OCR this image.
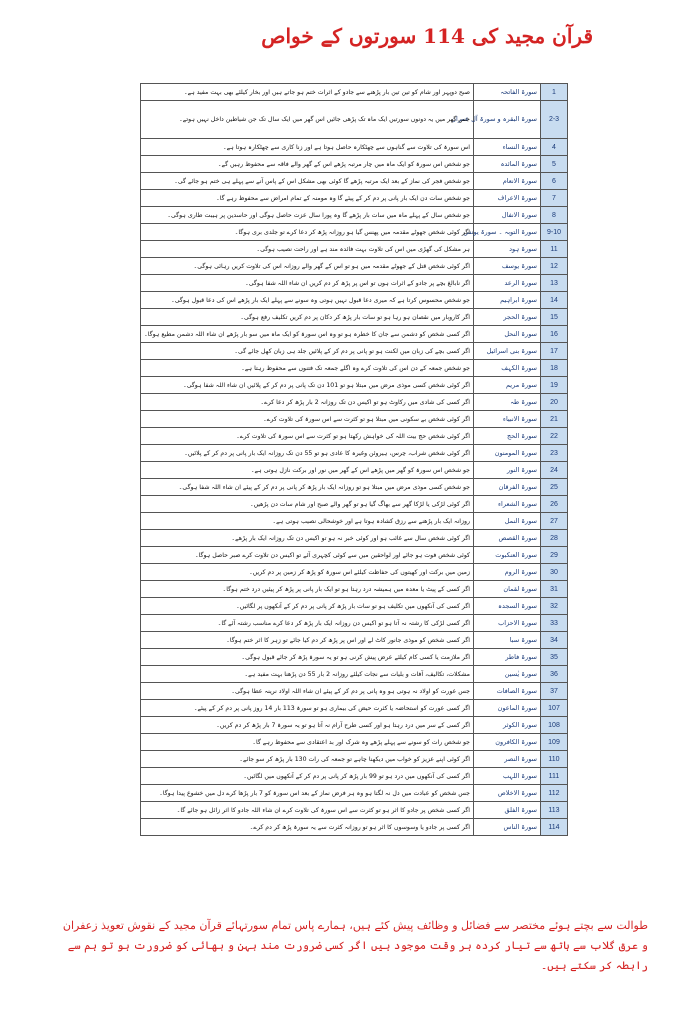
قرآن مجید کی 114 سورتوں کے خواص
1	سورۃ الفاتحہ	صبح دوپہر اور شام کو تین تین بار پڑھنے سے جادو کے اثرات ختم ہو جاتے ہیں اور بخار کیلئے بھی بہت مفید ہے۔
2-3	سورۃ البقرہ و سورۃ آل عمران	جس گھر میں یہ دونوں سورتیں ایک ماہ تک پڑھی جائیں اس گھر میں ایک سال تک جن شیاطین داخل نہیں ہوتے۔
4	سورۃ النساء	اس سورۃ کی تلاوت سے گناہوں سے چھٹکارہ حاصل ہوتا ہے اور زنا کاری سے چھٹکارہ ہوتا ہے۔
5	سورۃ المائدہ	جو شخص اس سورۃ کو ایک ماہ میں چار مرتبہ پڑھے اس کے گھر والے فاقہ سے محفوظ رہیں گے۔
6	سورۃ الانعام	جو شخص فجر کی نماز کے بعد ایک مرتبہ پڑھے گا کوئی بھی مشکل اس کے پاس آنے سے پہلے ہی ختم ہو جائے گی۔
7	سورۃ الاعراف	جو شخص سات دن ایک بار پانی پر دم کر کے پیئے گا وہ مومنہ کے تمام امراض سے محفوظ رہے گا۔
8	سورۃ الانفال	جو شخص سال کے پہلے ماہ میں سات بار پڑھے گا وہ پورا سال عزت حاصل ہوگی اور حاسدین پر ہیبت طاری ہوگی۔
9-10	سورۃ التوبہ ۔ سورۃ یونس	اگر کوئی شخص جھوٹے مقدمہ میں پھنس گیا ہو روزانہ پڑھ کر دعا کرے تو جلدی بری ہوگا۔
11	سورۃ ہود	ہر مشکل کی گھڑی میں اس کی تلاوت بہت فائدہ مند ہے اور راحت نصیب ہوگی۔
12	سورۃ یوسف	اگر کوئی شخص قتل کے جھوٹے مقدمہ میں ہو تو اس کے گھر والے روزانہ اس کی تلاوت کریں رہائی ہوگی۔
13	سورۃ الرعد	اگر نابالغ بچے پر جادو کے اثرات ہوں تو اس پر پڑھ کر دم کریں ان شاء اللہ شفا ہوگی۔
14	سورۃ ابراہیم	جو شخص محسوس کرتا ہے کہ میری دعا قبول نہیں ہوتی وہ سونے سے پہلے ایک بار پڑھے اس کی دعا قبول ہوگی۔
15	سورۃ الحجر	اگر کاروبار میں نقصان ہو رہا ہو تو سات بار پڑھ کر دکان پر دم کریں تکلیف رفع ہوگی۔
16	سورۃ النحل	اگر کسی شخص کو دشمن سے جان کا خطرہ ہو تو وہ اس سورۃ کو ایک ماہ میں سو بار پڑھے ان شاء اللہ دشمن مطیع ہوگا۔
17	سورۃ بنی اسرائیل	اگر کسی بچے کی زبان میں لکنت ہو تو پانی پر دم کر کے پلائیں جلد ہی زبان کھل جائے گی۔
18	سورۃ الکہف	جو شخص جمعہ کے دن اس کی تلاوت کرے وہ اگلے جمعہ تک فتنوں سے محفوظ رہتا ہے۔
19	سورۃ مریم	اگر کوئی شخص کسی موذی مرض میں مبتلا ہو تو 101 دن تک پانی پر دم کر کے پلائیں ان شاء اللہ شفا ہوگی۔
20	سورۃ طہ	اگر کسی کی شادی میں رکاوٹ ہو تو اکیس دن تک روزانہ 2 بار پڑھ کر دعا کرے۔
21	سورۃ الانبیاء	اگر کوئی شخص بے سکونی میں مبتلا ہو تو کثرت سے اس سورۃ کی تلاوت کرے۔
22	سورۃ الحج	اگر کوئی شخص حج بیت اللہ کی خواہش رکھتا ہو تو کثرت سے اس سورۃ کی تلاوت کرے۔
23	سورۃ المومنون	اگر کوئی شخص شراب، چرس، ہیروئن وغیرہ کا عادی ہو تو 55 دن تک روزانہ ایک بار پانی پر دم کر کے پلائیں۔
24	سورۃ النور	جو شخص اس سورۃ کو گھر میں پڑھے اس کے گھر میں نور اور برکت نازل ہوتی ہے۔
25	سورۃ الفرقان	جو شخص کسی موذی مرض میں مبتلا ہو تو روزانہ ایک بار پڑھ کر پانی پر دم کر کے پیئے ان شاء اللہ شفا ہوگی۔
26	سورۃ الشعراء	اگر کوئی لڑکی یا لڑکا گھر سے بھاگ گیا ہو تو گھر والے صبح اور شام سات دن پڑھیں۔
27	سورۃ النمل	روزانہ ایک بار پڑھنے سے رزق کشادہ ہوتا ہے اور خوشحالی نصیب ہوتی ہے۔
28	سورۃ القصص	اگر کوئی شخص سال سے غائب ہو اور کوئی خبر نہ ہو تو اکیس دن تک روزانہ ایک بار پڑھے۔
29	سورۃ العنکبوت	کوئی شخص فوت ہو جائے اور لواحقین میں سے کوئی کچہری آئے تو اکیس دن تلاوت کرے صبر حاصل ہوگا۔
30	سورۃ الروم	زمین میں برکت اور کھیتوں کی حفاظت کیلئے اس سورۃ کو پڑھ کر زمین پر دم کریں۔
31	سورۃ لقمان	اگر کسی کے پیٹ یا معدہ میں ہمیشہ درد رہتا ہو تو ایک بار پانی پر پڑھ کر پیئیں درد ختم ہوگا۔
32	سورۃ السجدہ	اگر کسی کی آنکھوں میں تکلیف ہو تو سات بار پڑھ کر پانی پر دم کر کے آنکھوں پر لگائیں۔
33	سورۃ الاحزاب	اگر کسی لڑکی کا رشتہ نہ آتا ہو تو اکیس دن روزانہ ایک بار پڑھ کر دعا کرے مناسب رشتہ آئے گا۔
34	سورۃ سبا	اگر کسی شخص کو موذی جانور کاٹ لے اور اس پر پڑھ کر دم کیا جائے تو زہر کا اثر ختم ہوگا۔
35	سورۃ فاطر	اگر ملازمت یا کسی کام کیلئے عرض پیش کرنی ہو تو یہ سورۃ پڑھ کر جائے قبول ہوگی۔
36	سورۃ یٰسین	مشکلات، تکالیف، آفات و بلیات سے نجات کیلئے روزانہ 2 بار 55 دن پڑھنا بہت مفید ہے۔
37	سورۃ الصافات	جس عورت کو اولاد نہ ہوتی ہو وہ پانی پر دم کر کے پیئے ان شاء اللہ اولاد نرینہ عطا ہوگی۔
107	سورۃ الماعون	اگر کسی عورت کو استحاضہ یا کثرت حیض کی بیماری ہو تو سورۃ 113 بار 14 روز پانی پر دم کر کے پیئے۔
108	سورۃ الکوثر	اگر کسی کے سر میں درد رہتا ہو اور کسی طرح آرام نہ آتا ہو تو یہ سورۃ 7 بار پڑھ کر دم کریں۔
109	سورۃ الکافرون	جو شخص رات کو سونے سے پہلے پڑھے وہ شرک اور بد اعتقادی سے محفوظ رہے گا۔
110	سورۃ النصر	اگر کوئی اپنے عزیز کو خواب میں دیکھنا چاہے تو جمعہ کی رات 130 بار پڑھ کر سو جائے۔
111	سورۃ اللہب	اگر کسی کی آنکھوں میں درد ہو تو 99 بار پڑھ کر پانی پر دم کر کے آنکھوں میں لگائیں۔
112	سورۃ الاخلاص	جس شخص کو عبادت میں دل نہ لگتا ہو وہ ہر فرض نماز کے بعد اس سورۃ کو 7 بار پڑھا کرے دل میں خشوع پیدا ہوگا۔
113	سورۃ الفلق	اگر کسی شخص پر جادو کا اثر ہو تو کثرت سے اس سورۃ کی تلاوت کرے ان شاء اللہ جادو کا اثر زائل ہو جائے گا۔
114	سورۃ الناس	اگر کسی پر جادو یا وسوسوں کا اثر ہو تو روزانہ کثرت سے یہ سورۃ پڑھ کر دم کرے۔
طوالت سے بچتے ہوئے مختصر سے فضائل و وظائف پیش کئے ہیں، ہمارے پاس تمام سورتہائے قرآن مجید کے نقوش تعویذ زعفران
و عرق گلاب سے ہاتھ سے تیار کردہ ہر وقت موجود ہیں اگر کسی ضرورت مند بہن و بھائی کو ضرورت ہو تو ہم سے رابطہ کر سکتے ہیں۔
